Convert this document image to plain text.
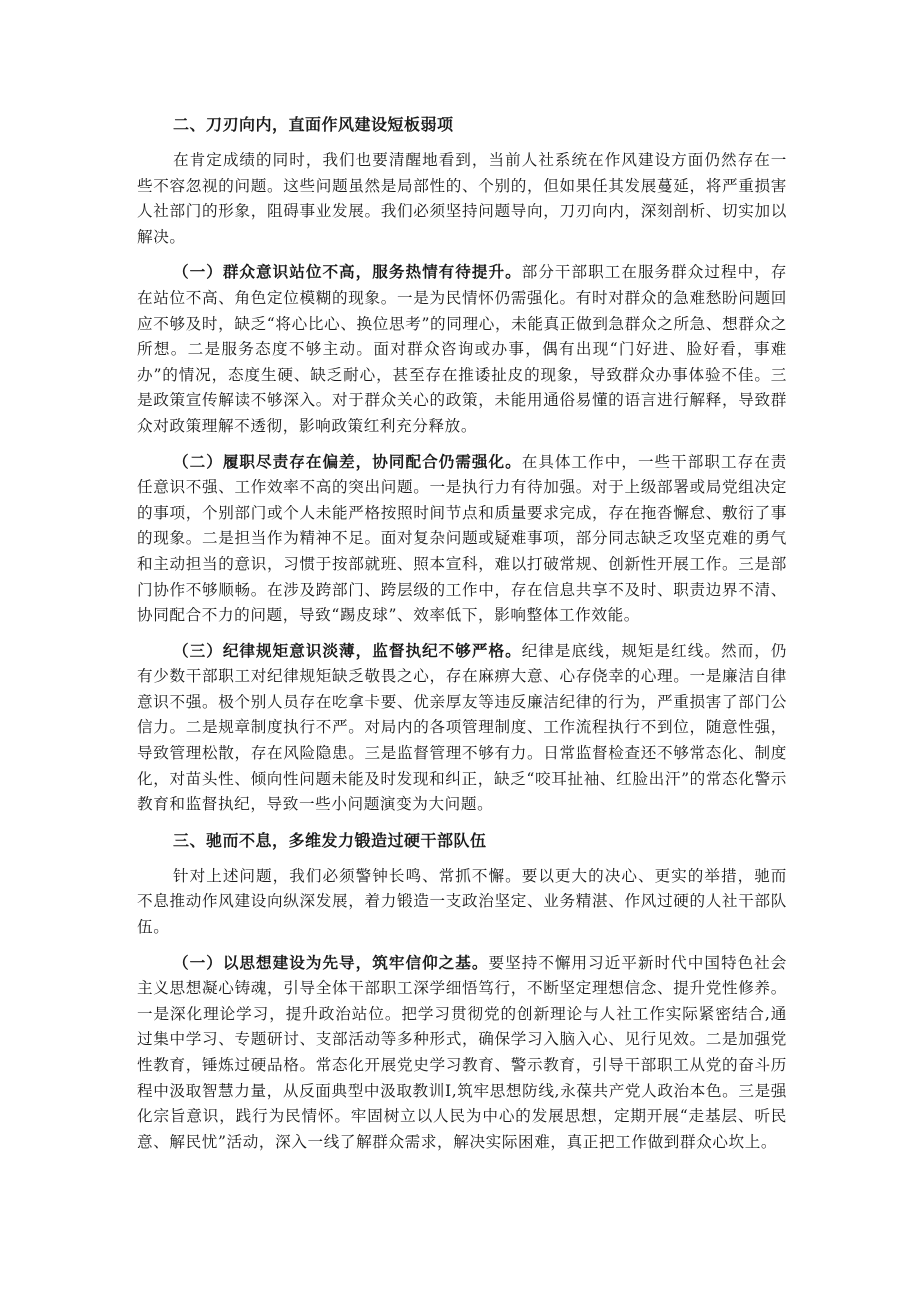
二、刀刃向内，直面作风建设短板弱项

在肯定成绩的同时，我们也要清醒地看到，当前人社系统在作风建设方面仍然存在一些不容忽视的问题。这些问题虽然是局部性的、个别的，但如果任其发展蔓延，将严重损害人社部门的形象，阻碍事业发展。我们必须坚持问题导向，刀刃向内，深刻剖析、切实加以解决。

（一）群众意识站位不高，服务热情有待提升。部分干部职工在服务群众过程中，存在站位不高、角色定位模糊的现象。一是为民情怀仍需强化。有时对群众的急难愁盼问题回应不够及时，缺乏“将心比心、换位思考”的同理心，未能真正做到急群众之所急、想群众之所想。二是服务态度不够主动。面对群众咨询或办事，偶有出现“门好进、脸好看，事难办”的情况，态度生硬、缺乏耐心，甚至存在推诿扯皮的现象，导致群众办事体验不佳。三是政策宣传解读不够深入。对于群众关心的政策，未能用通俗易懂的语言进行解释，导致群众对政策理解不透彻，影响政策红利充分释放。

（二）履职尽责存在偏差，协同配合仍需强化。在具体工作中，一些干部职工存在责任意识不强、工作效率不高的突出问题。一是执行力有待加强。对于上级部署或局党组决定的事项，个别部门或个人未能严格按照时间节点和质量要求完成，存在拖沓懈怠、敷衍了事的现象。二是担当作为精神不足。面对复杂问题或疑难事项，部分同志缺乏攻坚克难的勇气和主动担当的意识，习惯于按部就班、照本宣科，难以打破常规、创新性开展工作。三是部门协作不够顺畅。在涉及跨部门、跨层级的工作中，存在信息共享不及时、职责边界不清、协同配合不力的问题，导致“踢皮球”、效率低下，影响整体工作效能。

（三）纪律规矩意识淡薄，监督执纪不够严格。纪律是底线，规矩是红线。然而，仍有少数干部职工对纪律规矩缺乏敬畏之心，存在麻痹大意、心存侥幸的心理。一是廉洁自律意识不强。极个别人员存在吃拿卡要、优亲厚友等违反廉洁纪律的行为，严重损害了部门公信力。二是规章制度执行不严。对局内的各项管理制度、工作流程执行不到位，随意性强，导致管理松散，存在风险隐患。三是监督管理不够有力。日常监督检查还不够常态化、制度化，对苗头性、倾向性问题未能及时发现和纠正，缺乏“咬耳扯袖、红脸出汗”的常态化警示教育和监督执纪，导致一些小问题演变为大问题。

三、驰而不息，多维发力锻造过硬干部队伍

针对上述问题，我们必须警钟长鸣、常抓不懈。要以更大的决心、更实的举措，驰而不息推动作风建设向纵深发展，着力锻造一支政治坚定、业务精湛、作风过硬的人社干部队伍。

（一）以思想建设为先导，筑牢信仰之基。要坚持不懈用习近平新时代中国特色社会主义思想凝心铸魂，引导全体干部职工深学细悟笃行，不断坚定理想信念、提升党性修养。一是深化理论学习，提升政治站位。把学习贯彻党的创新理论与人社工作实际紧密结合,通过集中学习、专题研讨、支部活动等多种形式，确保学习入脑入心、见行见效。二是加强党性教育，锤炼过硬品格。常态化开展党史学习教育、警示教育，引导干部职工从党的奋斗历程中汲取智慧力量，从反面典型中汲取教训I,筑牢思想防线,永葆共产党人政治本色。三是强化宗旨意识，践行为民情怀。牢固树立以人民为中心的发展思想，定期开展“走基层、听民意、解民忧”活动，深入一线了解群众需求，解决实际困难，真正把工作做到群众心坎上。
